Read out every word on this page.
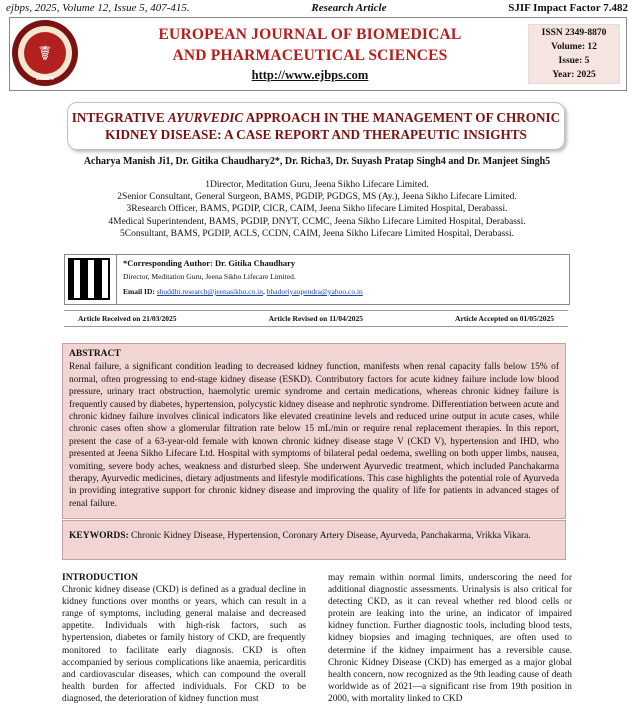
ejbps, 2025, Volume 12, Issue 5, 407-415.	Research Article	SJIF Impact Factor 7.482
☤
EJBPS
EUROPEAN JOURNAL OF BIOMEDICAL
AND PHARMACEUTICAL SCIENCES
http://www.ejbps.com
ISSN 2349-8870
Volume: 12
Issue: 5
Year: 2025
INTEGRATIVE AYURVEDIC APPROACH IN THE MANAGEMENT OF CHRONIC
KIDNEY DISEASE: A CASE REPORT AND THERAPEUTIC INSIGHTS
Acharya Manish Ji1, Dr. Gitika Chaudhary2*, Dr. Richa3, Dr. Suyash Pratap Singh4 and Dr. Manjeet Singh5
1Director, Meditation Guru, Jeena Sikho Lifecare Limited.
2Senior Consultant, General Surgeon, BAMS, PGDIP, PGDGS, MS (Ay.), Jeena Sikho Lifecare Limited.
3Research Officer, BAMS, PGDIP, CICR, CAIM, Jeena Sikho lifecare Limited Hospital, Derabassi.
4Medical Superintendent, BAMS, PGDIP, DNYT, CCMC, Jeena Sikho Lifecare Limited Hospital, Derabassi.
5Consultant, BAMS, PGDIP, ACLS, CCDN, CAIM, Jeena Sikho Lifecare Limited Hospital, Derabassi.
*Corresponding Author: Dr. Gitika Chaudhary
Director, Meditation Guru, Jeena Sikho Lifecare Limited.
Email ID: shuddhi.research@jeenasikho.co.in, bhadoriyaupendra@yahoo.co.in
Article Received on 21/03/2025	Article Revised on 11/04/2025	Article Accepted on 01/05/2025
ABSTRACT
Renal failure, a significant condition leading to decreased kidney function, manifests when renal capacity falls below 15% of normal, often progressing to end-stage kidney disease (ESKD). Contributory factors for acute kidney failure include low blood pressure, urinary tract obstruction, haemolytic uremic syndrome and certain medications, whereas chronic kidney failure is frequently caused by diabetes, hypertension, polycystic kidney disease and nephrotic syndrome. Differentiation between acute and chronic kidney failure involves clinical indicators like elevated creatinine levels and reduced urine output in acute cases, while chronic cases often show a glomerular filtration rate below 15 mL/min or require renal replacement therapies. In this report, present the case of a 63-year-old female with known chronic kidney disease stage V (CKD V), hypertension and IHD, who presented at Jeena Sikho Lifecare Ltd. Hospital with symptoms of bilateral pedal oedema, swelling on both upper limbs, nausea, vomiting, severe body aches, weakness and disturbed sleep. She underwent Ayurvedic treatment, which included Panchakarma therapy, Ayurvedic medicines, dietary adjustments and lifestyle modifications. This case highlights the potential role of Ayurveda in providing integrative support for chronic kidney disease and improving the quality of life for patients in advanced stages of renal failure.
KEYWORDS: Chronic Kidney Disease, Hypertension, Coronary Artery Disease, Ayurveda, Panchakarma, Vrikka Vikara.
INTRODUCTION
Chronic kidney disease (CKD) is defined as a gradual decline in kidney functions over months or years, which can result in a range of symptoms, including general malaise and decreased appetite. Individuals with high-risk factors, such as hypertension, diabetes or family history of CKD, are frequently monitored to facilitate early diagnosis. CKD is often accompanied by serious complications like anaemia, pericarditis and cardiovascular diseases, which can compound the overall health burden for affected individuals. For CKD to be diagnosed, the deterioration of kidney function must
may remain within normal limits, underscoring the need for additional diagnostic assessments. Urinalysis is also critical for detecting CKD, as it can reveal whether red blood cells or protein are leaking into the urine, an indicator of impaired kidney function. Further diagnostic tools, including blood tests, kidney biopsies and imaging techniques, are often used to determine if the kidney impairment has a reversible cause. Chronic Kidney Disease (CKD) has emerged as a major global health concern, now recognized as the 9th leading cause of death worldwide as of 2021—a significant rise from 19th position in 2000, with mortality linked to CKD
